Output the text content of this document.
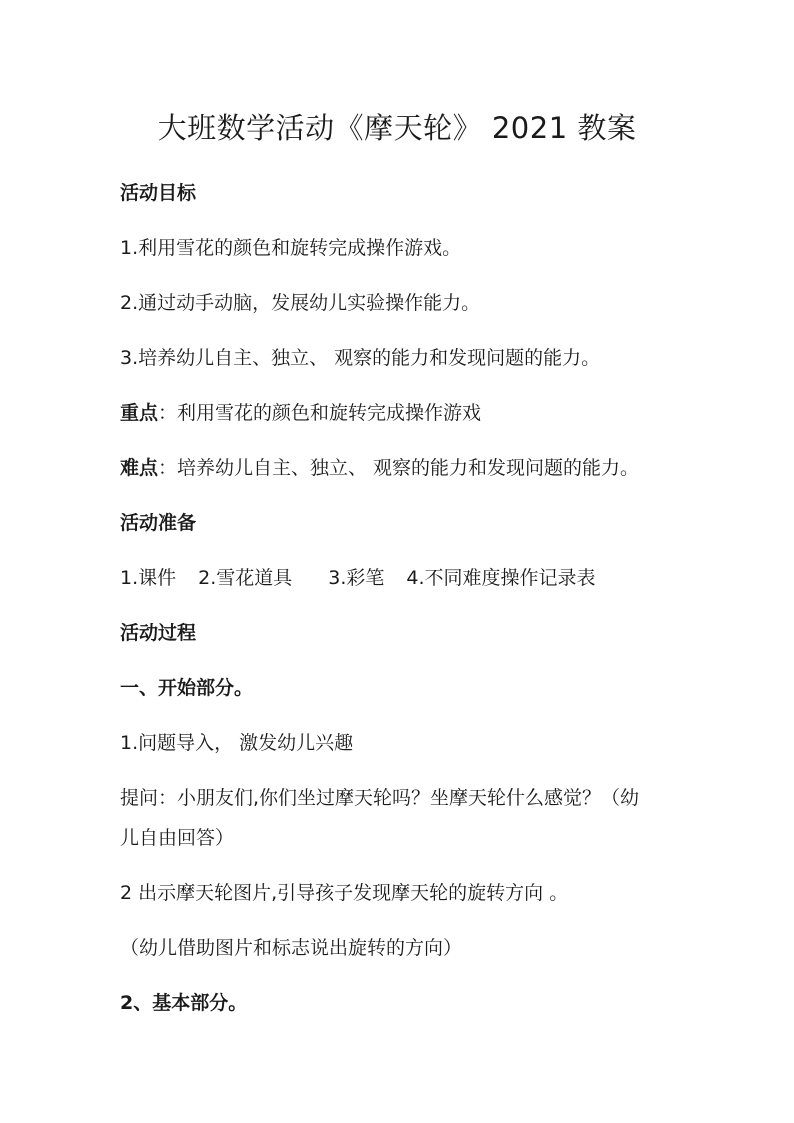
大班数学活动《摩天轮》 2021 教案
活动目标
1.利用雪花的颜色和旋转完成操作游戏。
2.通过动手动脑，发展幼儿实验操作能力。
3.培养幼儿自主、独立、 观察的能力和发现问题的能力。
重点：利用雪花的颜色和旋转完成操作游戏
难点：培养幼儿自主、独立、 观察的能力和发现问题的能力。
活动准备
1.课件 2.雪花道具 3.彩笔 4.不同难度操作记录表
活动过程
一、开始部分。
1.问题导入， 激发幼儿兴趣
提问：小朋友们,你们坐过摩天轮吗？坐摩天轮什么感觉？（幼
儿自由回答）
2 出示摩天轮图片,引导孩子发现摩天轮的旋转方向 。
（幼儿借助图片和标志说出旋转的方向）
2、基本部分。
